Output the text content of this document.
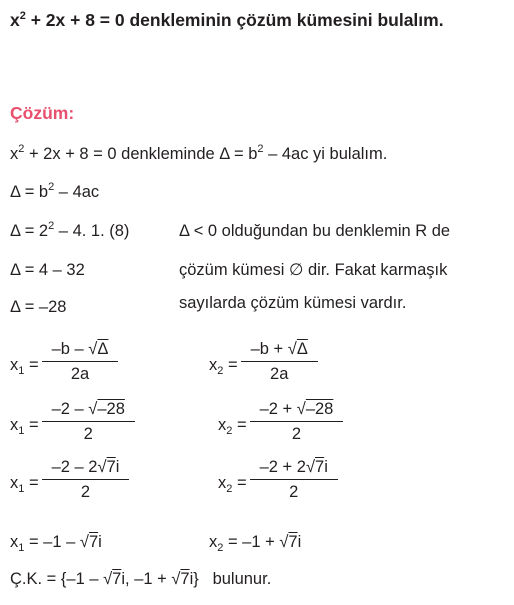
$x^2 + 2x + 8 = 0$ denkleminin çözüm kümesini bulalım.
Çözüm:
$x^2 + 2x + 8 = 0$ denkleminde $\Delta = b^2 - 4ac$ yi bulalım.
$\Delta = b^2 - 4ac$
$\Delta = 2^2 - 4$. 1. (8)
Δ = 4 – 32
Δ = –28
Δ < 0 olduğundan bu denklemin R de
çözüm kümesi ∅ dir. Fakat karmaşık
sayılarda çözüm kümesi vardır.
$x_1 = \frac{-b - √\Delta}{2a}$	$x_2 = \frac{-b + √\Delta}{2a}$
$x_1 = \frac{-2 - √-28}{2}$	$x_2 = \frac{-2 + √-28}{2}$
$x_1 = \frac{-2 - 2√7i}{2}$	$x_2 = \frac{-2 + 2√7i}{2}$
$x_1 = -1 - √7i$	$x_2 = -1 + √7i$
Ç.K. = {–1 – √7i, –1 + √7i} bulunur.
